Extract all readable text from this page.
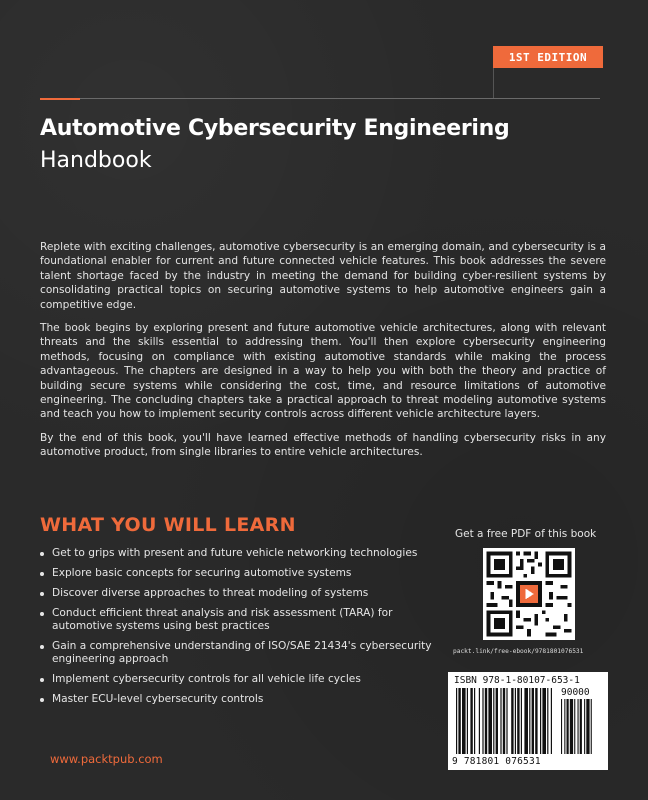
1ST EDITION
Automotive Cybersecurity Engineering
Handbook

Replete with exciting challenges, automotive cybersecurity is an emerging domain, and cybersecurity is a foundational enabler for current and future connected vehicle features. This book addresses the severe talent shortage faced by the industry in meeting the demand for building cyber-resilient systems by consolidating practical topics on securing automotive systems to help automotive engineers gain a competitive edge.

The book begins by exploring present and future automotive vehicle architectures, along with relevant threats and the skills essential to addressing them. You'll then explore cybersecurity engineering methods, focusing on compliance with existing automotive standards while making the process advantageous. The chapters are designed in a way to help you with both the theory and practice of building secure systems while considering the cost, time, and resource limitations of automotive engineering. The concluding chapters take a practical approach to threat modeling automotive systems and teach you how to implement security controls across different vehicle architecture layers.

By the end of this book, you'll have learned effective methods of handling cybersecurity risks in any automotive product, from single libraries to entire vehicle architectures.

WHAT YOU WILL LEARN
Get to grips with present and future vehicle networking technologies
Explore basic concepts for securing automotive systems
Discover diverse approaches to threat modeling of systems
Conduct efficient threat analysis and risk assessment (TARA) for automotive systems using best practices
Gain a comprehensive understanding of ISO/SAE 21434's cybersecurity engineering approach
Implement cybersecurity controls for all vehicle life cycles
Master ECU-level cybersecurity controls
Get a free PDF of this book
packt.link/free-ebook/9781801076531
ISBN 978-1-80107-653-1
90000
9 781801 076531
www.packtpub.com
